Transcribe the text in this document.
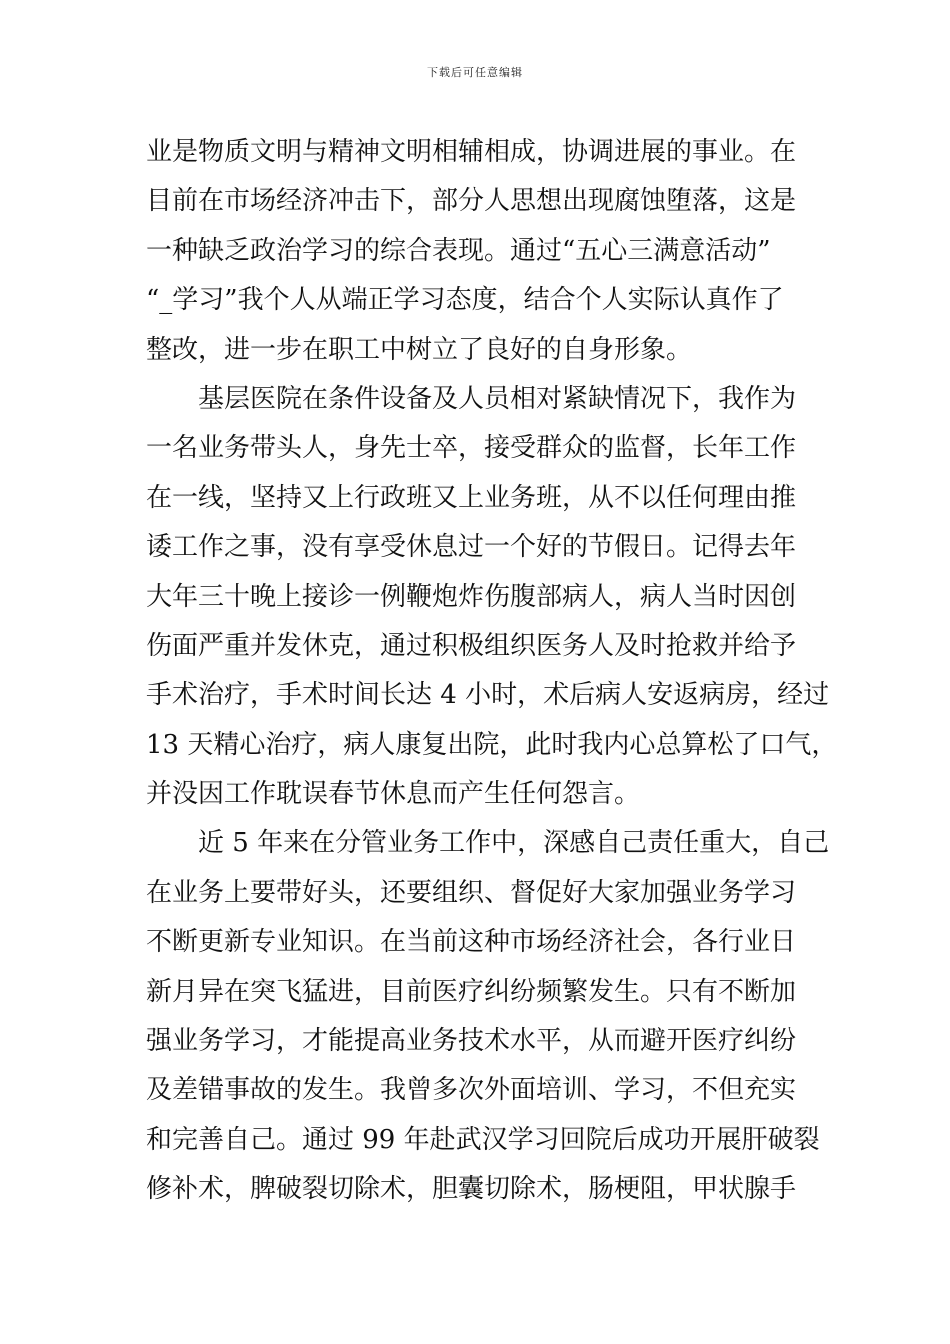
下载后可任意编辑
业是物质文明与精神文明相辅相成，协调进展的事业。在
目前在市场经济冲击下，部分人思想出现腐蚀堕落，这是
一种缺乏政治学习的综合表现。通过“五心三满意活动”
“_学习”我个人从端正学习态度，结合个人实际认真作了
整改，进一步在职工中树立了良好的自身形象。
基层医院在条件设备及人员相对紧缺情况下，我作为
一名业务带头人，身先士卒，接受群众的监督，长年工作
在一线，坚持又上行政班又上业务班，从不以任何理由推
诿工作之事，没有享受休息过一个好的节假日。记得去年
大年三十晚上接诊一例鞭炮炸伤腹部病人，病人当时因创
伤面严重并发休克，通过积极组织医务人及时抢救并给予
手术治疗，手术时间长达 4 小时，术后病人安返病房，经过
13 天精心治疗，病人康复出院，此时我内心总算松了口气，
并没因工作耽误春节休息而产生任何怨言。
近 5 年来在分管业务工作中，深感自己责任重大，自己
在业务上要带好头，还要组织、督促好大家加强业务学习
不断更新专业知识。在当前这种市场经济社会，各行业日
新月异在突飞猛进，目前医疗纠纷频繁发生。只有不断加
强业务学习，才能提高业务技术水平，从而避开医疗纠纷
及差错事故的发生。我曾多次外面培训、学习，不但充实
和完善自己。通过 99 年赴武汉学习回院后成功开展肝破裂
修补术，脾破裂切除术，胆囊切除术，肠梗阻，甲状腺手
